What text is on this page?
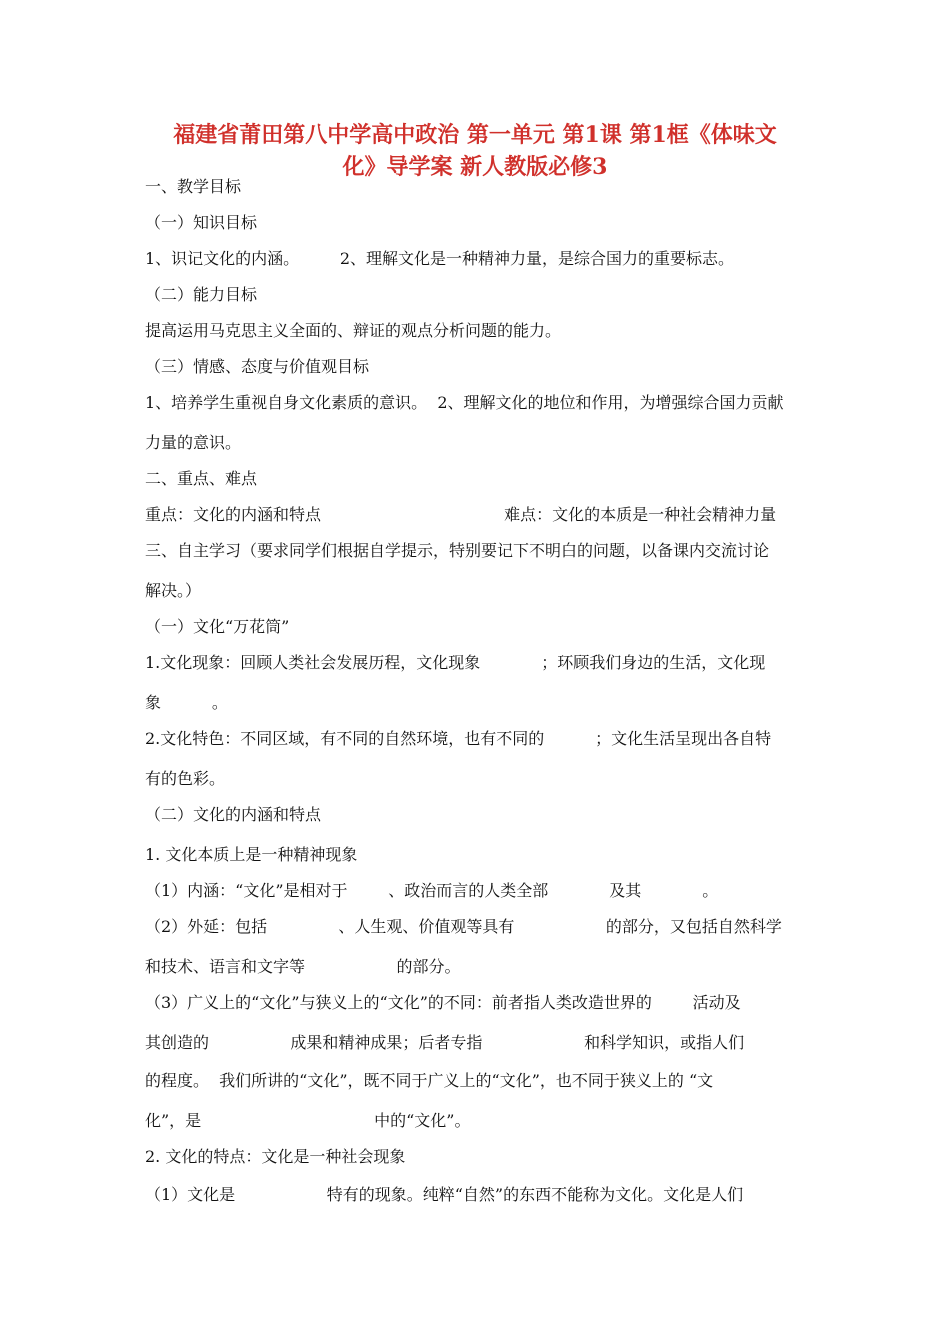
福建省莆田第八中学高中政治 第一单元 第1课 第1框《体味文
化》导学案 新人教版必修3

一、教学目标

（一）知识目标

1、识记文化的内涵。        2、理解文化是一种精神力量，是综合国力的重要标志。

（二）能力目标

提高运用马克思主义全面的、辩证的观点分析问题的能力。

（三）情感、态度与价值观目标

1、培养学生重视自身文化素质的意识。  2、理解文化的地位和作用，为增强综合国力贡献

力量的意识。

二、重点、难点

重点：文化的内涵和特点                                    难点：文化的本质是一种社会精神力量

三、自主学习（要求同学们根据自学提示，特别要记下不明白的问题，以备课内交流讨论

解决。）

（一）文化“万花筒”

1.文化现象：回顾人类社会发展历程，文化现象            ；环顾我们身边的生活，文化现

象          。

2.文化特色：不同区域，有不同的自然环境，也有不同的          ；文化生活呈现出各自特

有的色彩。

（二）文化的内涵和特点

1. 文化本质上是一种精神现象

（1）内涵：“文化”是相对于        、政治而言的人类全部            及其            。

（2）外延：包括              、人生观、价值观等具有                  的部分，又包括自然科学

和技术、语言和文字等                  的部分。

（3）广义上的“文化”与狭义上的“文化”的不同：前者指人类改造世界的        活动及

其创造的                成果和精神成果；后者专指                    和科学知识，或指人们

的程度。  我们所讲的“文化”，既不同于广义上的“文化”，也不同于狭义上的 “文

化”，是                                  中的“文化”。

2. 文化的特点：文化是一种社会现象

（1）文化是                  特有的现象。纯粹“自然”的东西不能称为文化。文化是人们
